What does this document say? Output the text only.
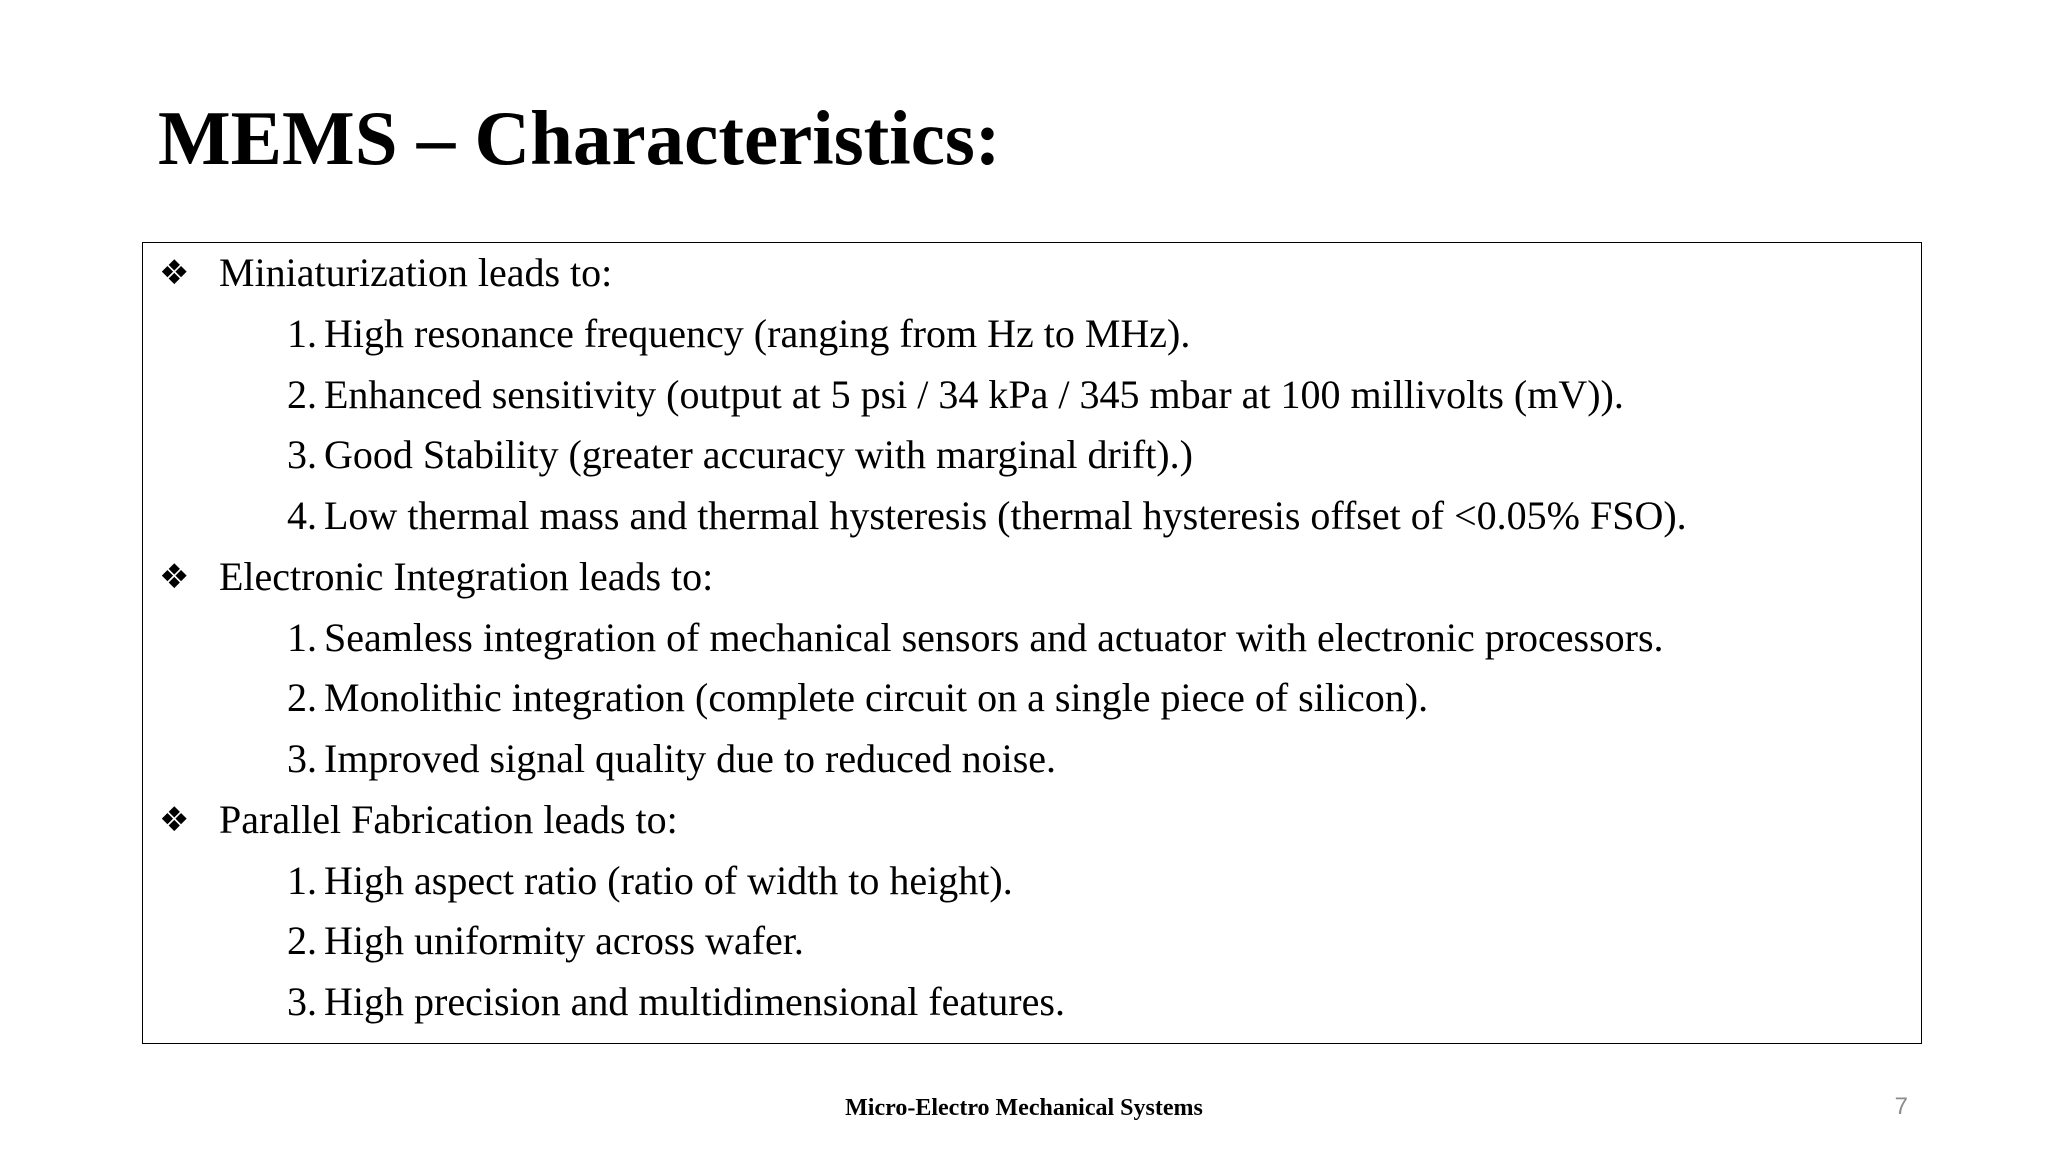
MEMS – Characteristics:
❖ Miniaturization leads to:
1. High resonance frequency (ranging from Hz to MHz).
2. Enhanced sensitivity (output at 5 psi / 34 kPa / 345 mbar at 100 millivolts (mV)).
3. Good Stability (greater accuracy with marginal drift).)
4. Low thermal mass and thermal hysteresis (thermal hysteresis offset of <0.05% FSO).
❖ Electronic Integration leads to:
1. Seamless integration of mechanical sensors and actuator with electronic processors.
2. Monolithic integration (complete circuit on a single piece of silicon).
3. Improved signal quality due to reduced noise.
❖ Parallel Fabrication leads to:
1. High aspect ratio (ratio of width to height).
2. High uniformity across wafer.
3. High precision and multidimensional features.
Micro-Electro Mechanical Systems	7
